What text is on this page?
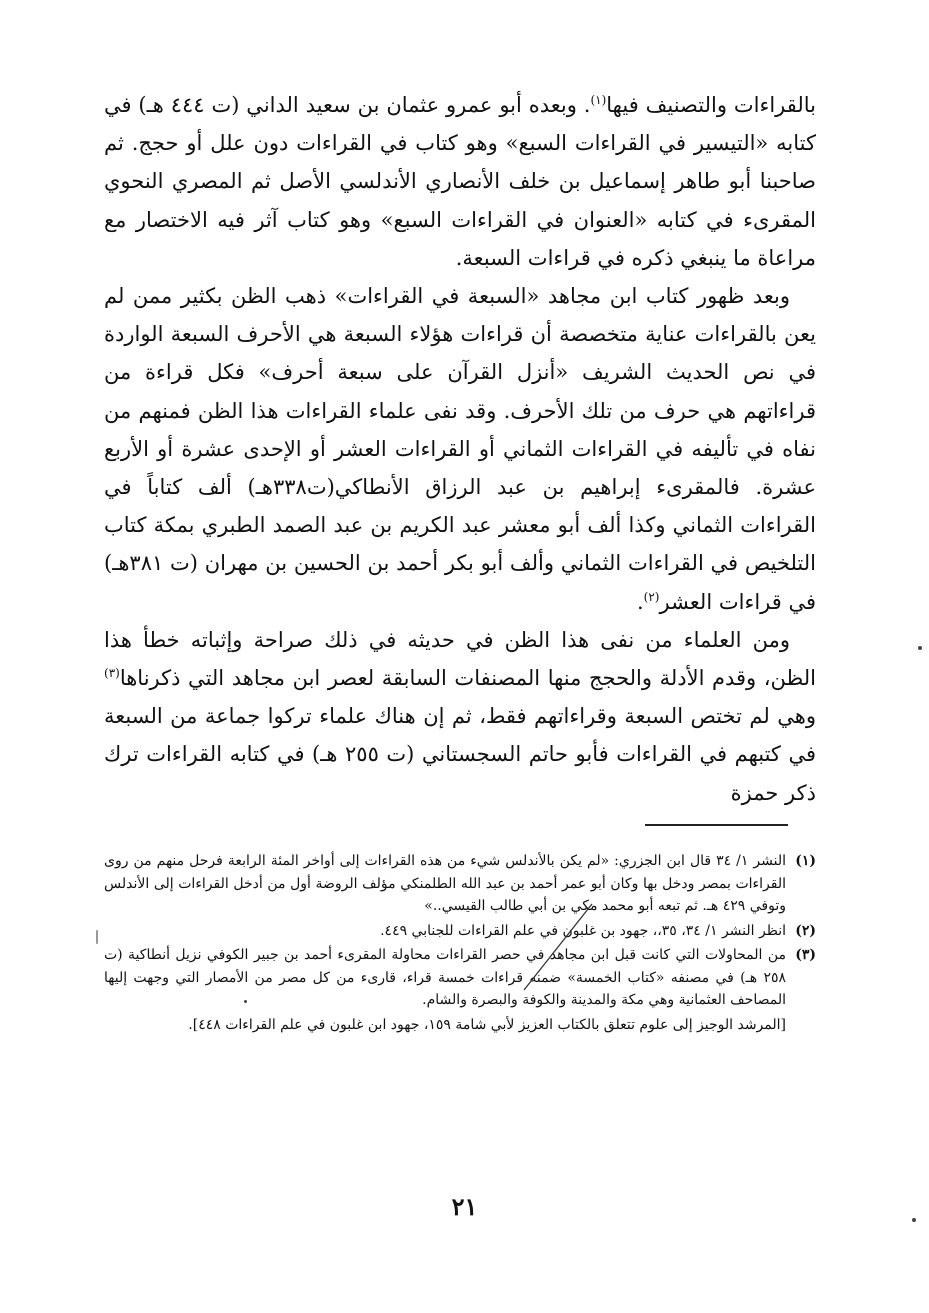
بالقراءات والتصنيف فيها$^{(١)}$. وبعده أبو عمرو عثمان بن سعيد الداني (ت ٤٤٤ هـ) في كتابه «التيسير في القراءات السبع» وهو كتاب في القراءات دون علل أو حجج. ثم صاحبنا أبو طاهر إسماعيل بن خلف الأنصاري الأندلسي الأصل ثم المصري النحوي المقرىء في كتابه «العنوان في القراءات السبع» وهو كتاب آثر فيه الاختصار مع مراعاة ما ينبغي ذكره في قراءات السبعة.

وبعد ظهور كتاب ابن مجاهد «السبعة في القراءات» ذهب الظن بكثير ممن لم يعن بالقراءات عناية متخصصة أن قراءات هؤلاء السبعة هي الأحرف السبعة الواردة في نص الحديث الشريف «أنزل القرآن على سبعة أحرف» فكل قراءة من قراءاتهم هي حرف من تلك الأحرف. وقد نفى علماء القراءات هذا الظن فمنهم من نفاه في تأليفه في القراءات الثماني أو القراءات العشر أو الإحدى عشرة أو الأربع عشرة. فالمقرىء إبراهيم بن عبد الرزاق الأنطاكي(ت٣٣٨هـ) ألف كتاباً في القراءات الثماني وكذا ألف أبو معشر عبد الكريم بن عبد الصمد الطبري بمكة كتاب التلخيص في القراءات الثماني وألف أبو بكر أحمد بن الحسين بن مهران (ت ٣٨١هـ) في قراءات العشر$^{(٢)}$.

ومن العلماء من نفى هذا الظن في حديثه في ذلك صراحة وإثباته خطأ هذا الظن، وقدم الأدلة والحجج منها المصنفات السابقة لعصر ابن مجاهد التي ذكرناها$^{(٣)}$ وهي لم تختص السبعة وقراءاتهم فقط، ثم إن هناك علماء تركوا جماعة من السبعة في كتبهم في القراءات فأبو حاتم السجستاني (ت ٢٥٥ هـ) في كتابه القراءات ترك ذكر حمزة

(١)
النشر ١/ ٣٤ قال ابن الجزري: «لم يكن بالأندلس شيء من هذه القراءات إلى أواخر المئة الرابعة فرحل منهم من روى القراءات بمصر ودخل بها وكان أبو عمر أحمد بن عبد الله الطلمنكي مؤلف الروضة أول من أدخل القراءات إلى الأندلس وتوفي ٤٢٩ هـ. ثم تبعه أبو محمد مكي بن أبي طالب القيسي..»
(٢)
انظر النشر ١/ ٣٤، ٣٥،، جهود بن غلبون في علم القراءات للجنابي ٤٤٩.
(٣)
من المحاولات التي كانت قبل ابن مجاهد في حصر القراءات محاولة المقرىء أحمد بن جبير الكوفي نزيل أنطاكية (ت ٢٥٨ هـ) في مصنفه «كتاب الخمسة» ضمنه قراءات خمسة قراء، قارىء من كل مصر من الأمصار التي وجهت إليها المصاحف العثمانية وهي مكة والمدينة والكوفة والبصرة والشام.

[المرشد الوجيز إلى علوم تتعلق بالكتاب العزيز لأبي شامة ١٥٩، جهود ابن غلبون في علم القراءات ٤٤٨].

٢١
